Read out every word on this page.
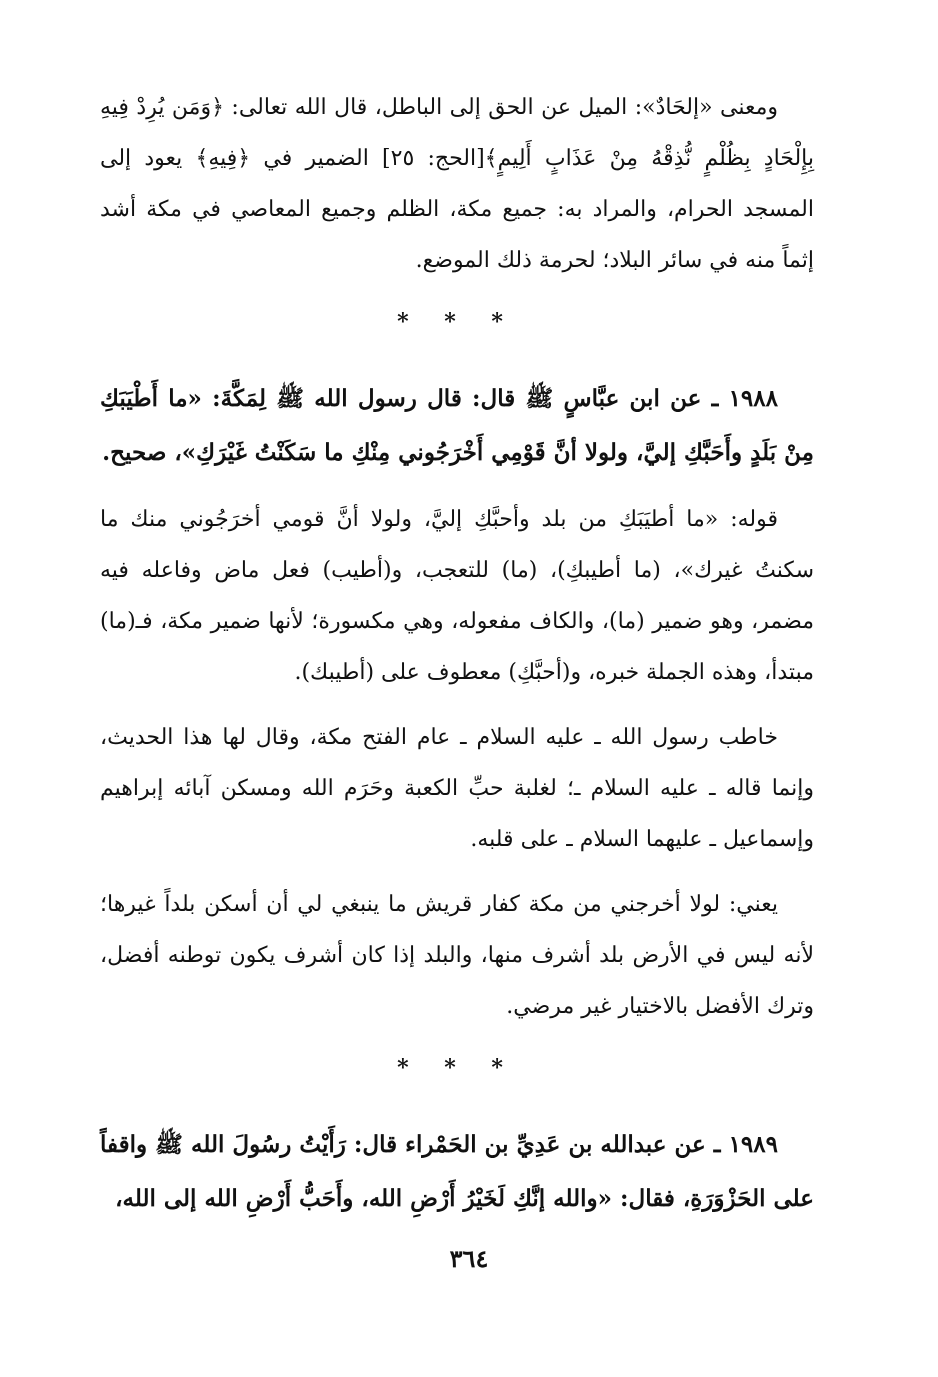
ومعنى «إلحَادٌ»: الميل عن الحق إلى الباطل، قال الله تعالى: ﴿وَمَن يُرِدْ فِيهِ بِإِلْحَادٍ بِظُلْمٍ نُّذِقْهُ مِنْ عَذَابٍ أَلِيمٍ﴾[الحج: ٢٥] الضمير في ﴿فِيهِ﴾ يعود إلى المسجد الحرام، والمراد به: جميع مكة، الظلم وجميع المعاصي في مكة أشد إثماً منه في سائر البلاد؛ لحرمة ذلك الموضع.

* * *

١٩٨٨ ـ عن ابن عبَّاسٍ ﷺ قال: قال رسول الله ﷺ لِمَكَّةَ: «ما أَطْيَبَكِ مِنْ بَلَدٍ وأَحَبَّكِ إليَّ، ولولا أنَّ قَوْمِي أَخْرَجُوني مِنْكِ ما سَكَنْتُ غَيْرَكِ»، صحيح.

قوله: «ما أطيَبَكِ من بلد وأحبَّكِ إليَّ، ولولا أنَّ قومي أخرَجُوني منك ما سكنتُ غيرك»، (ما أطيبكِ)، (ما) للتعجب، و(أطيب) فعل ماض وفاعله فيه مضمر، وهو ضمير (ما)، والكاف مفعوله، وهي مكسورة؛ لأنها ضمير مكة، فـ(ما) مبتدأ، وهذه الجملة خبره، و(أحبَّكِ) معطوف على (أطيبك).

خاطب رسول الله ـ عليه السلام ـ عام الفتح مكة، وقال لها هذا الحديث، وإنما قاله ـ عليه السلام ـ؛ لغلبة حبِّ الكعبة وحَرَم الله ومسكن آبائه إبراهيم وإسماعيل ـ عليهما السلام ـ على قلبه.

يعني: لولا أخرجني من مكة كفار قريش ما ينبغي لي أن أسكن بلداً غيرها؛ لأنه ليس في الأرض بلد أشرف منها، والبلد إذا كان أشرف يكون توطنه أفضل، وترك الأفضل بالاختيار غير مرضي.

* * *

١٩٨٩ ـ عن عبدالله بن عَدِيِّ بن الحَمْراء قال: رَأَيْتُ رسُولَ الله ﷺ واقفاً على الحَزْوَرَةِ، فقال: «والله إنَّكِ لَخَيْرُ أَرْضِ الله، وأَحَبُّ أَرْضِ الله إلى الله،

٣٦٤
